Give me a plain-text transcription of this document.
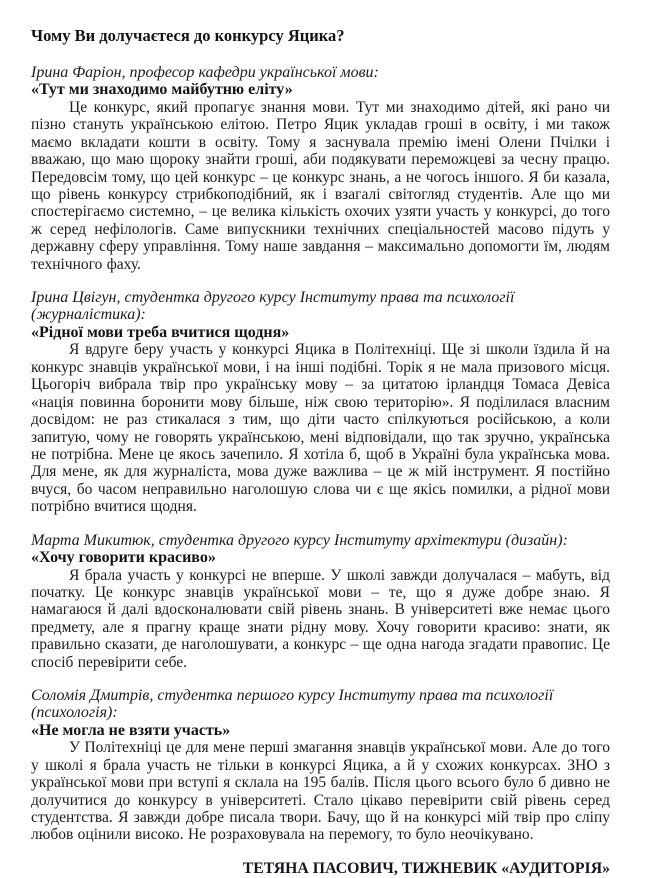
Чому Ви долучаєтеся до конкурсу Яцика?

Ірина Фаріон, професор кафедри української мови:

«Тут ми знаходимо майбутню еліту»

Це конкурс, який пропагує знання мови. Тут ми знаходимо дітей, які рано чи пізно стануть українською елітою. Петро Яцик укладав гроші в освіту, і ми також маємо вкладати кошти в освіту. Тому я заснувала премію імені Олени Пчілки і вважаю, що маю щороку знайти гроші, аби подякувати переможцеві за чесну працю. Передовсім тому, що цей конкурс – це конкурс знань, а не чогось іншого. Я би казала, що рівень конкурсу стрибкоподібний, як і взагалі світогляд студентів. Але що ми спостерігаємо системно, – це велика кількість охочих узяти участь у конкурсі, до того ж серед нефілологів. Саме випускники технічних спеціальностей масово підуть у державну сферу управління. Тому наше завдання – максимально допомогти їм, людям технічного фаху.

Ірина Цвігун, студентка другого курсу Інституту права та психології (журналістика):

«Рідної мови треба вчитися щодня»

Я вдруге беру участь у конкурсі Яцика в Політехніці. Ще зі школи їздила й на конкурс знавців української мови, і на інші подібні. Торік я не мала призового місця. Цьогоріч вибрала твір про українську мову – за цитатою ірландця Томаса Девіса «нація повинна боронити мову більше, ніж свою територію». Я поділилася власним досвідом: не раз стикалася з тим, що діти часто спілкуються російською, а коли запитую, чому не говорять українською, мені відповідали, що так зручно, українська не потрібна. Мене це якось зачепило. Я хотіла б, щоб в Україні була українська мова. Для мене, як для журналіста, мова дуже важлива – це ж мій інструмент. Я постійно вчуся, бо часом неправильно наголошую слова чи є ще якісь помилки, а рідної мови потрібно вчитися щодня.

Марта Микитюк, студентка другого курсу Інституту архітектури (дизайн):

«Хочу говорити красиво»

Я брала участь у конкурсі не вперше. У школі завжди долучалася – мабуть, від початку. Це конкурс знавців української мови – те, що я дуже добре знаю. Я намагаюся й далі вдосконалювати свій рівень знань. В університеті вже немає цього предмету, але я прагну краще знати рідну мову. Хочу говорити красиво: знати, як правильно сказати, де наголошувати, а конкурс – ще одна нагода згадати правопис. Це спосіб перевірити себе.

Соломія Дмитрів, студентка першого курсу Інституту права та психології (психологія):

«Не могла не взяти участь»

У Політехніці це для мене перші змагання знавців української мови. Але до того у школі я брала участь не тільки в конкурсі Яцика, а й у схожих конкурсах. ЗНО з української мови при вступі я склала на 195 балів. Після цього всього було б дивно не долучитися до конкурсу в університеті. Стало цікаво перевірити свій рівень серед студентства. Я завжди добре писала твори. Бачу, що й на конкурсі мій твір про сліпу любов оцінили високо. Не розраховувала на перемогу, то було неочікувано.

ТЕТЯНА ПАСОВИЧ, ТИЖНЕВИК «АУДИТОРІЯ»
